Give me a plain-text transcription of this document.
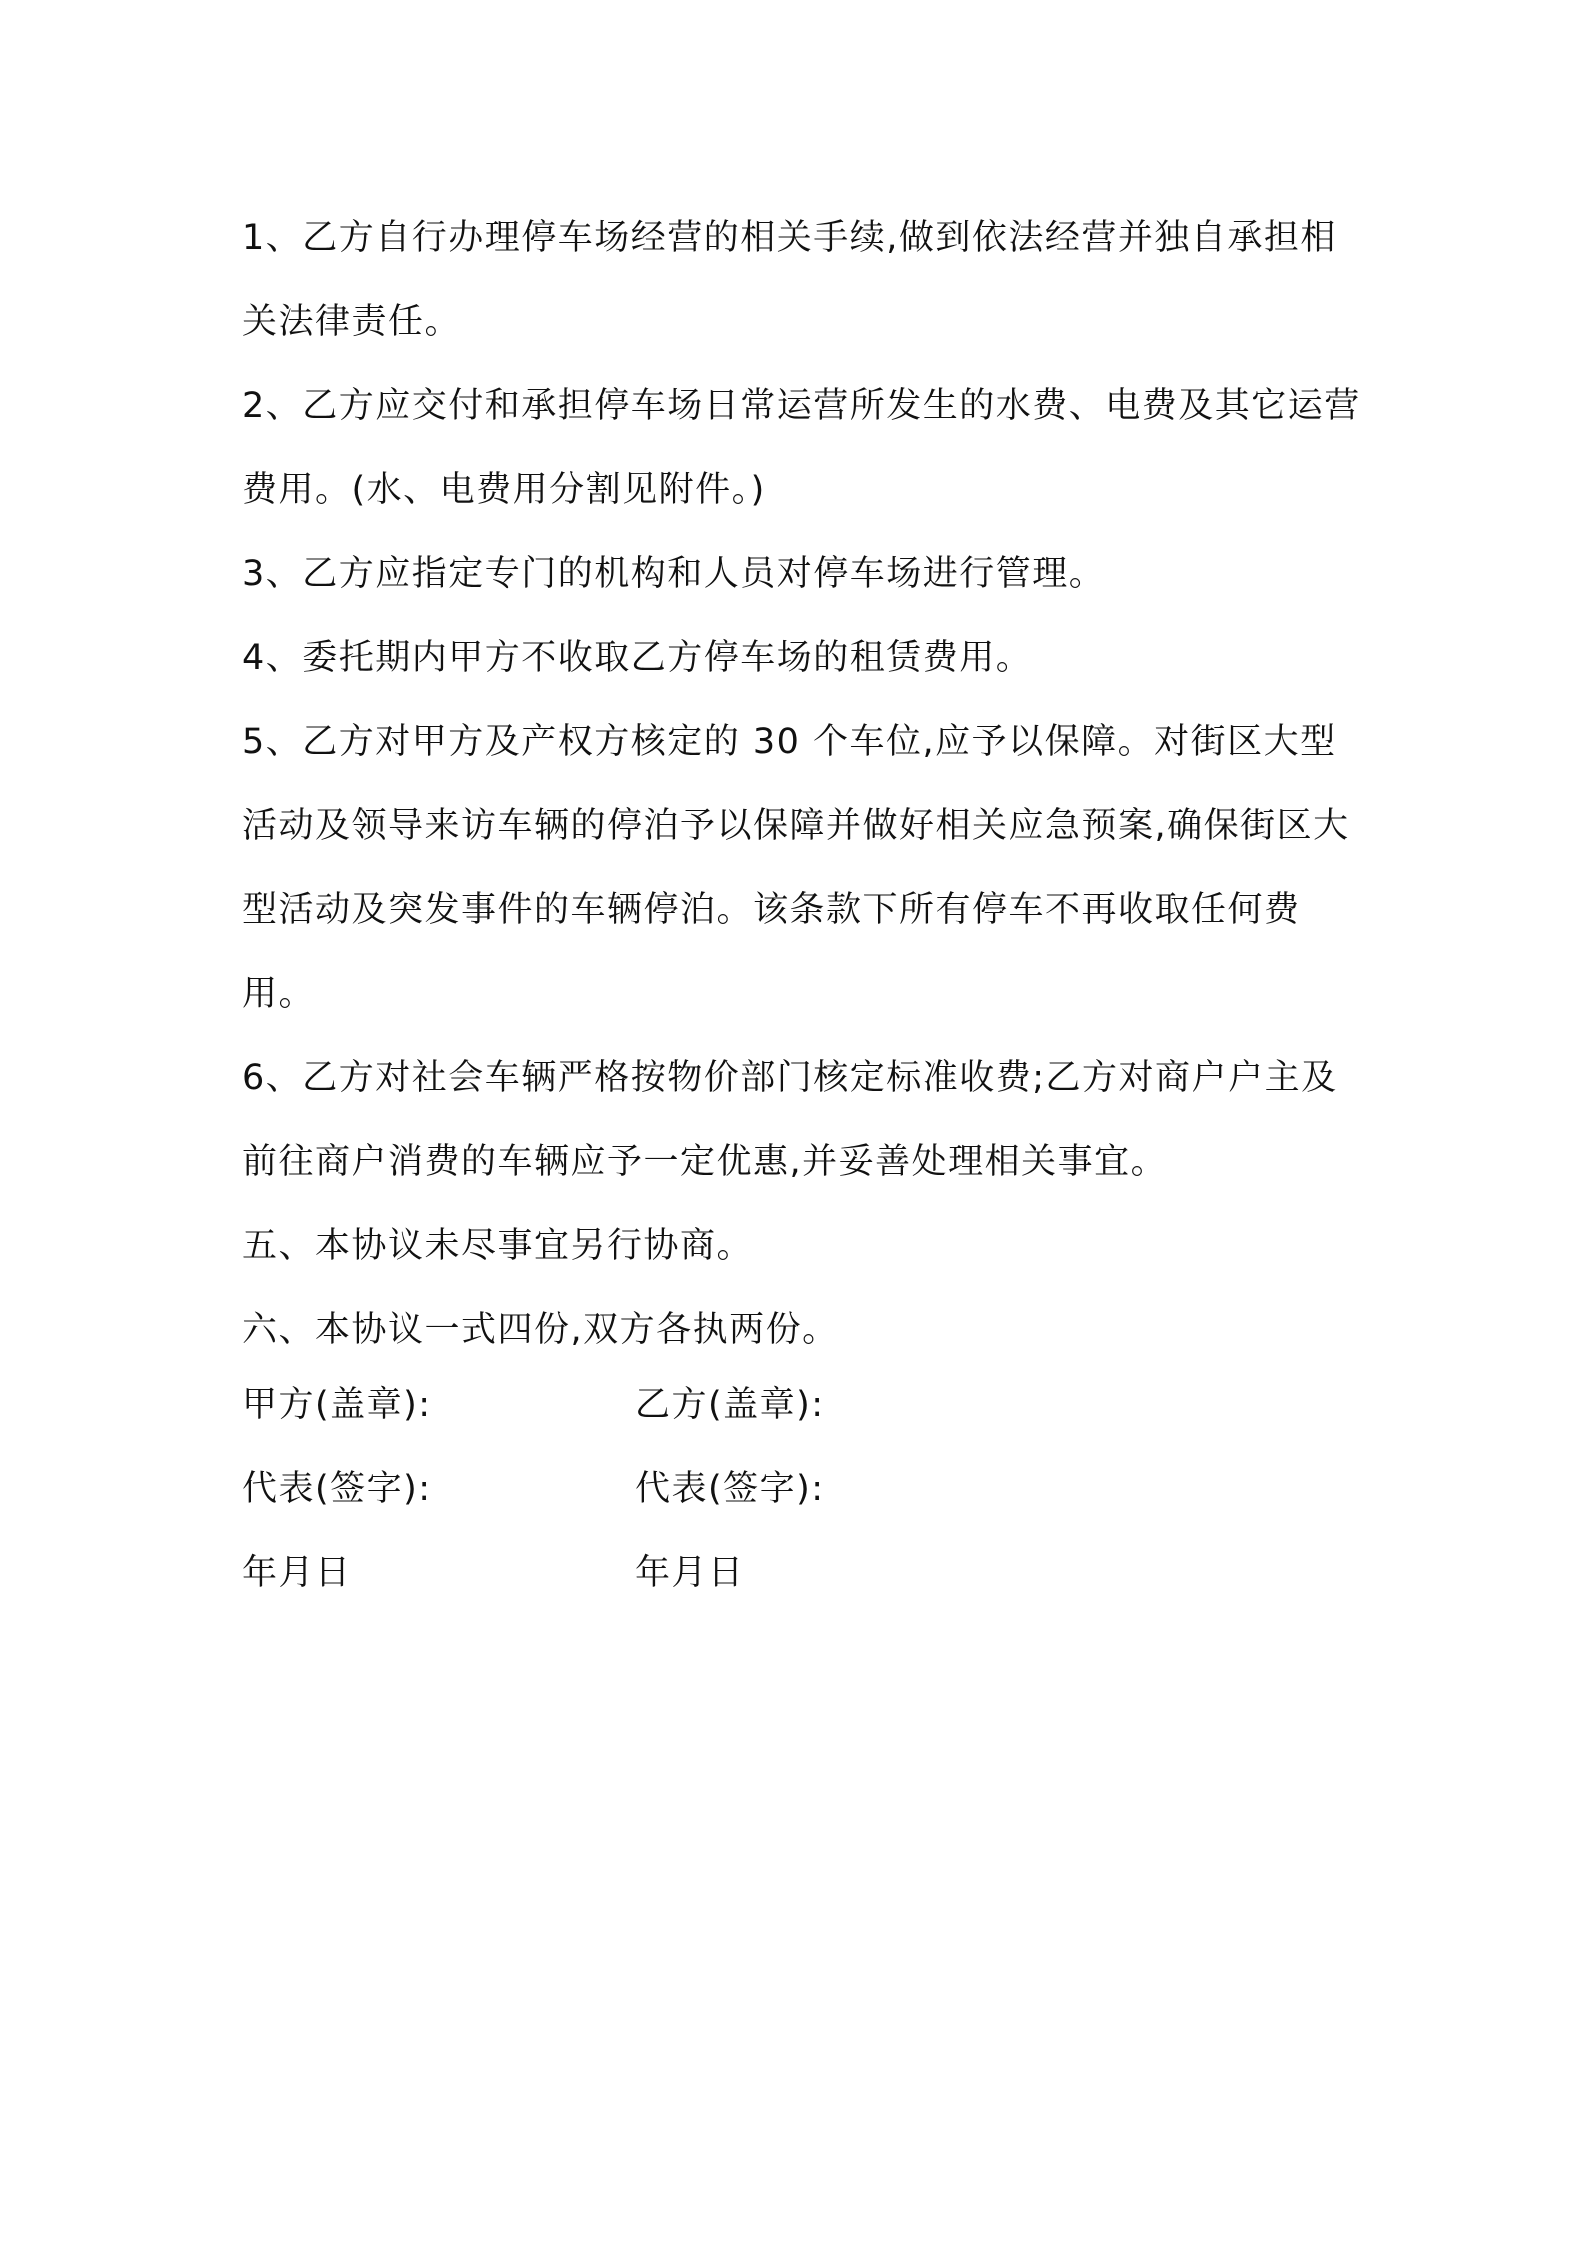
1、乙方自行办理停车场经营的相关手续,做到依法经营并独自承担相关法律责任。

2、乙方应交付和承担停车场日常运营所发生的水费、电费及其它运营费用。(水、电费用分割见附件。)

3、乙方应指定专门的机构和人员对停车场进行管理。

4、委托期内甲方不收取乙方停车场的租赁费用。

5、乙方对甲方及产权方核定的 30 个车位,应予以保障。对街区大型活动及领导来访车辆的停泊予以保障并做好相关应急预案,确保街区大型活动及突发事件的车辆停泊。该条款下所有停车不再收取任何费用。

6、乙方对社会车辆严格按物价部门核定标准收费;乙方对商户户主及前往商户消费的车辆应予一定优惠,并妥善处理相关事宜。

五、本协议未尽事宜另行协商。

六、本协议一式四份,双方各执两份。

甲方(盖章):	乙方(盖章):
代表(签字):	代表(签字):
年月日	年月日
